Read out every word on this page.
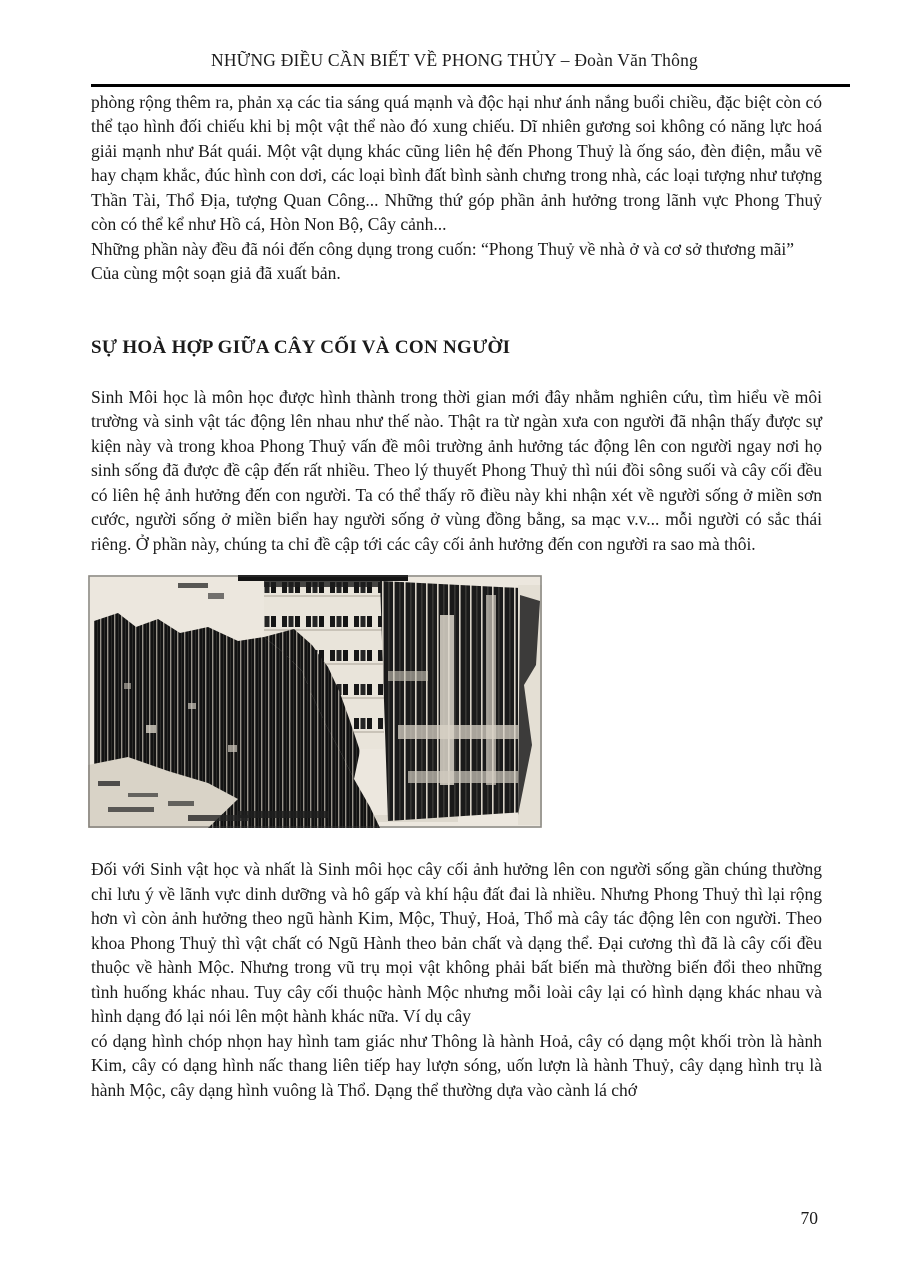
NHỮNG ĐIỀU CẦN BIẾT VỀ PHONG THỦY – Đoàn Văn Thông

phòng rộng thêm ra, phản xạ các tia sáng quá mạnh và độc hại như ánh nắng buổi chiều, đặc biệt còn có thể tạo hình đối chiếu khi bị một vật thể nào đó xung chiếu. Dĩ nhiên gương soi không có năng lực hoá giải mạnh như Bát quái. Một vật dụng khác cũng liên hệ đến Phong Thuỷ là ống sáo, đèn điện, mẫu vẽ hay chạm khắc, đúc hình con dơi, các loại bình đất bình sành chưng trong nhà, các loại tượng như tượng Thần Tài, Thổ Địa, tượng Quan Công... Những thứ góp phần ảnh hưởng trong lãnh vực Phong Thuỷ còn có thể kể như Hồ cá, Hòn Non Bộ, Cây cảnh...

Những phần này đều đã nói đến công dụng trong cuốn: “Phong Thuỷ về nhà ở và cơ sở thương mãi”

Của cùng một soạn giả đã xuất bản.

SỰ HOÀ HỢP GIỮA CÂY CỐI VÀ CON NGƯỜI

Sinh Môi học là môn học được hình thành trong thời gian mới đây nhằm nghiên cứu, tìm hiểu về môi trường và sinh vật tác động lên nhau như thế nào. Thật ra từ ngàn xưa con người đã nhận thấy được sự kiện này và trong khoa Phong Thuỷ vấn đề môi trường ảnh hưởng tác động lên con người ngay nơi họ sinh sống đã được đề cập đến rất nhiều. Theo lý thuyết Phong Thuỷ thì núi đồi sông suối và cây cối đều có liên hệ ảnh hưởng đến con người. Ta có thể thấy rõ điều này khi nhận xét về người sống ở miền sơn cước, người sống ở miền biển hay người sống ở vùng đồng bằng, sa mạc v.v... mỗi người có sắc thái riêng. Ở phần này, chúng ta chỉ đề cập tới các cây cối ảnh hưởng đến con người ra sao mà thôi.

Đối với Sinh vật học và nhất là Sinh môi học cây cối ảnh hưởng lên con người sống gần chúng thường chỉ lưu ý về lãnh vực dinh dưỡng và hô gấp và khí hậu đất đai là nhiều. Nhưng Phong Thuỷ thì lại rộng hơn vì còn ảnh hưởng theo ngũ hành Kim, Mộc, Thuỷ, Hoả, Thổ mà cây tác động lên con người. Theo khoa Phong Thuỷ thì vật chất có Ngũ Hành theo bản chất và dạng thể. Đại cương thì đã là cây cối đều thuộc về hành Mộc. Nhưng trong vũ trụ mọi vật không phải bất biến mà thường biến đổi theo những tình huống khác nhau. Tuy cây cối thuộc hành Mộc nhưng mỗi loài cây lại có hình dạng khác nhau và hình dạng đó lại nói lên một hành khác nữa. Ví dụ cây

có dạng hình chóp nhọn hay hình tam giác như Thông là hành Hoả, cây có dạng một khối tròn là hành Kim, cây có dạng hình nấc thang liên tiếp hay lượn sóng, uốn lượn là hành Thuỷ, cây dạng hình trụ là hành Mộc, cây dạng hình vuông là Thổ. Dạng thể thường dựa vào cành lá chớ

70
